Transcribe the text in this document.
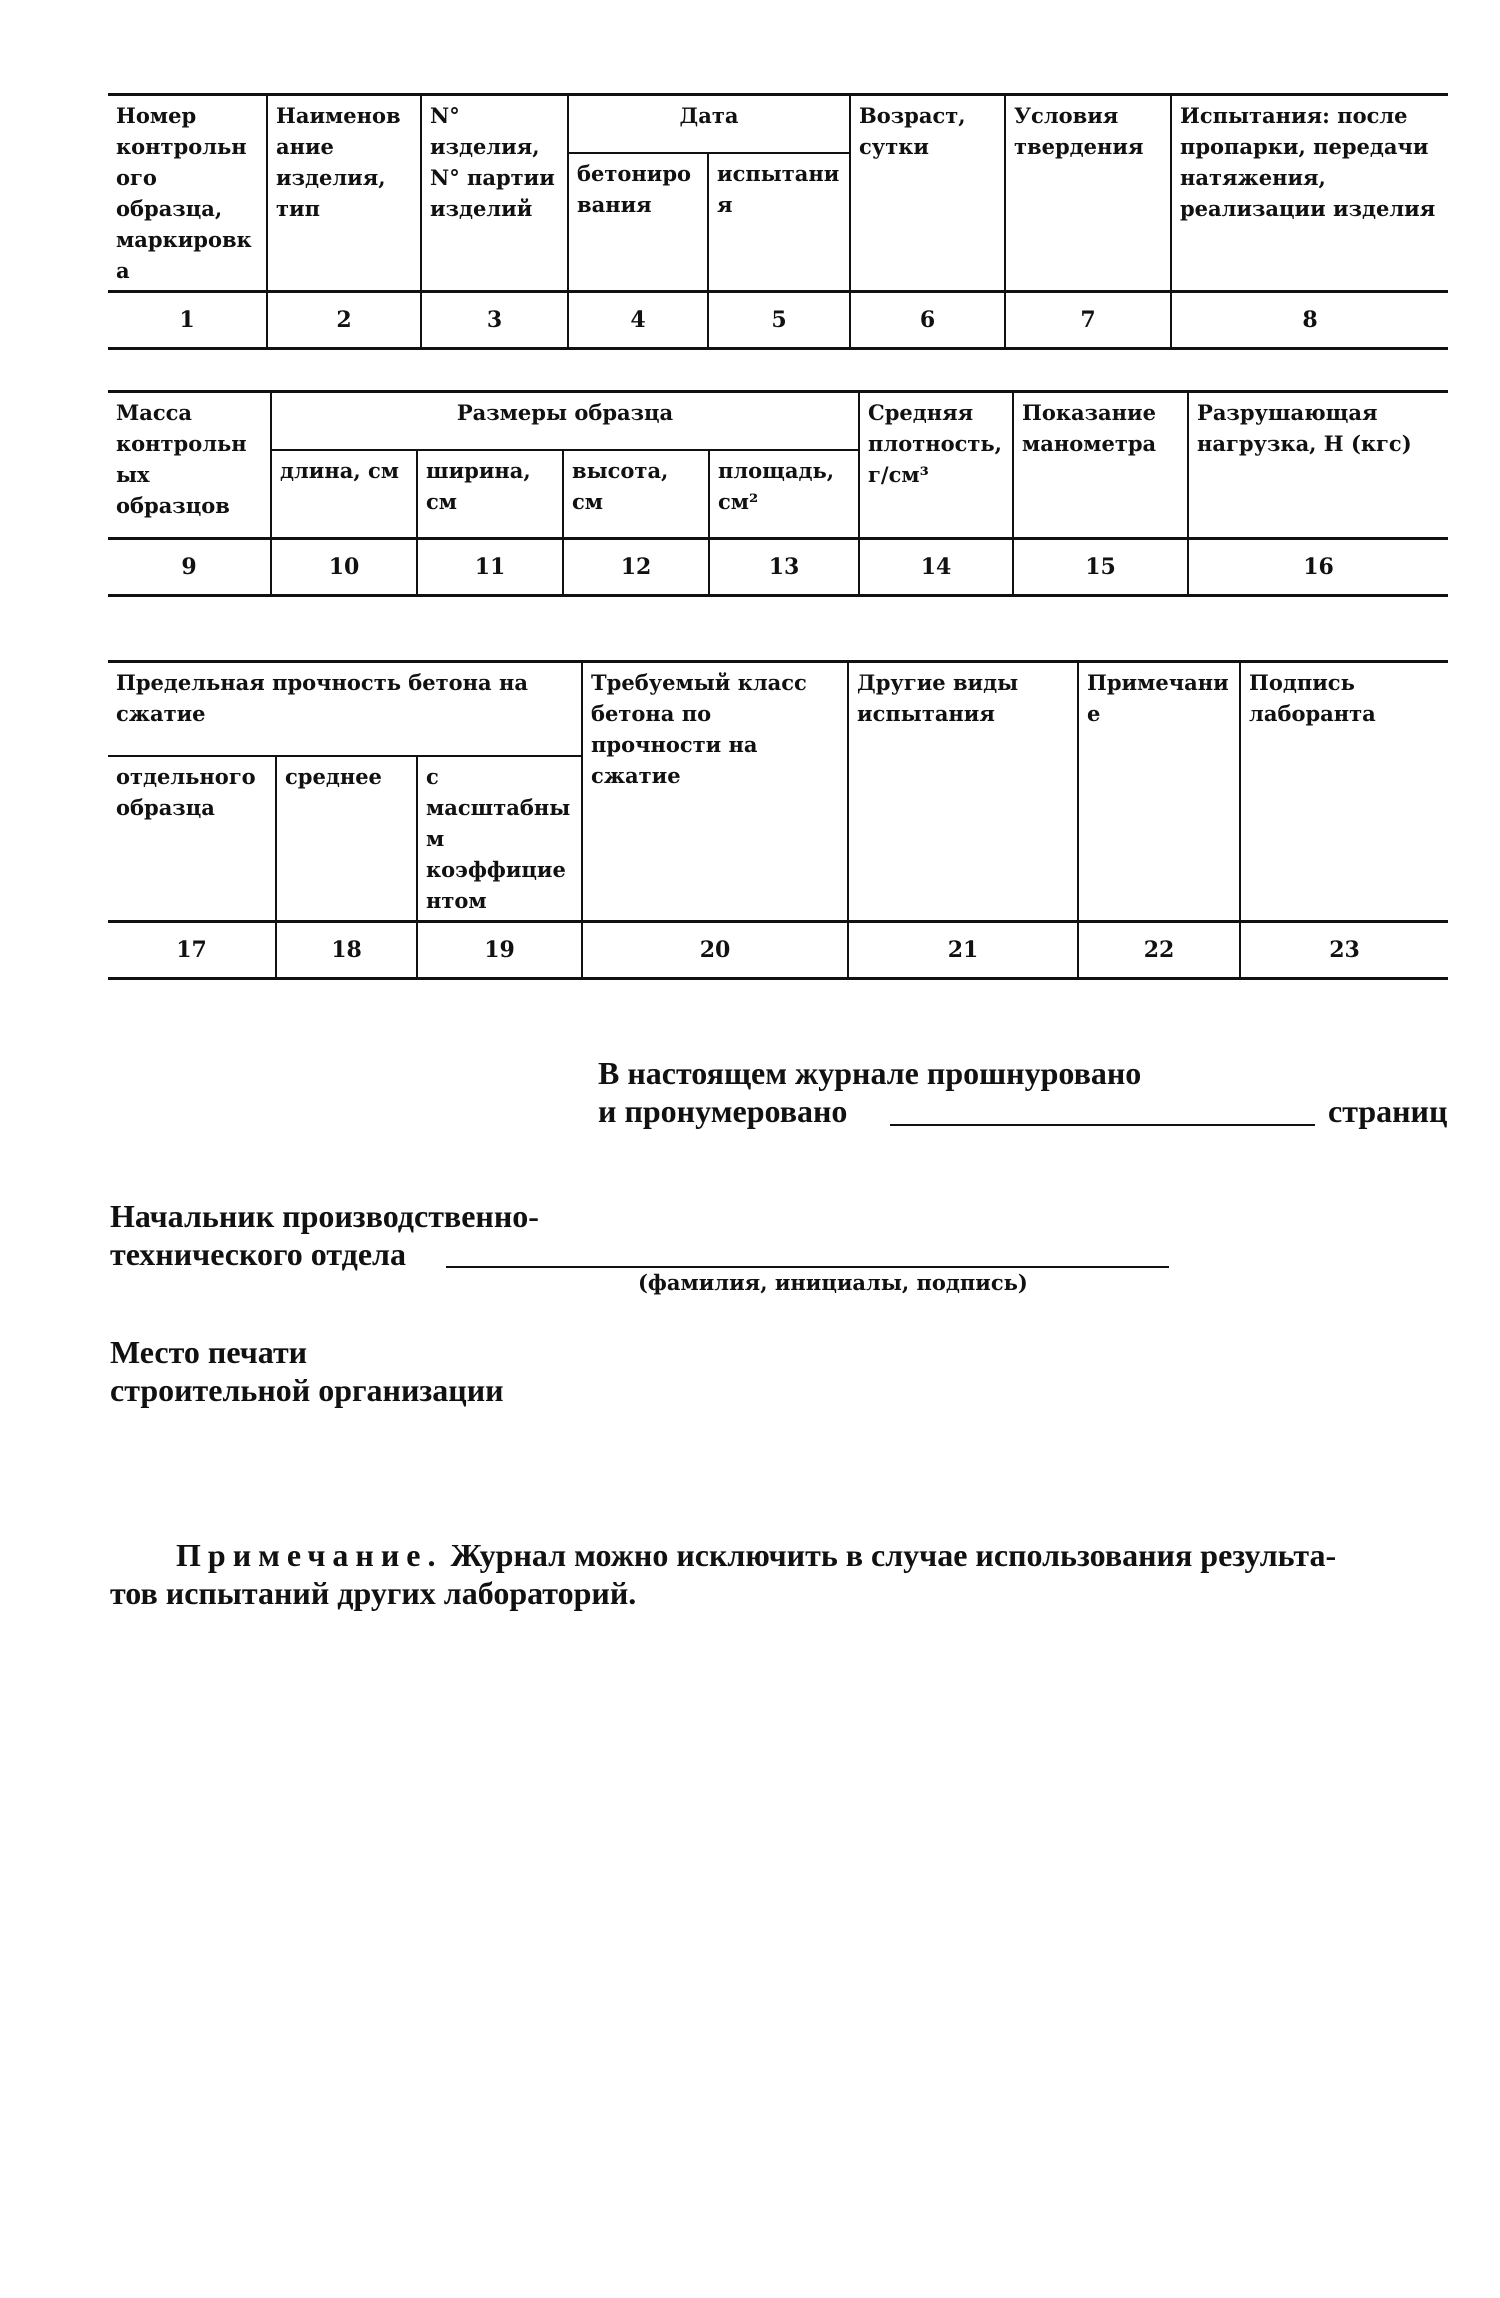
Номер контрольного образца, маркировка	Наименование изделия, тип	N° изделия, N° партии изделий	Дата		Возраст, сутки	Условия твердения	Испытания: после пропарки, передачи натяжения, реализации изделия
			бетонирования	испытания			
1	2	3	4	5	6	7	8
Масса контрольных образцов	Размеры образца				Средняя плотность, г/см³	Показание манометра	Разрушающая нагрузка, Н (кгс)
	длина, см	ширина, см	высота, см	площадь, см²			
9	10	11	12	13	14	15	16
Предельная прочность бетона на сжатие			Требуемый класс бетона по прочности на сжатие	Другие виды испытания	Примечание	Подпись лаборанта
отдельного образца	среднее	с масштабным коэффициентом				
17	18	19	20	21	22	23
В настоящем журнале прошнуровано
и пронумеровано	страниц
Начальник производственно-
технического отдела
(фамилия, инициалы, подпись)
Место печати
строительной организации
Примечание. Журнал можно исключить в случае использования результа-
тов испытаний других лабораторий.
